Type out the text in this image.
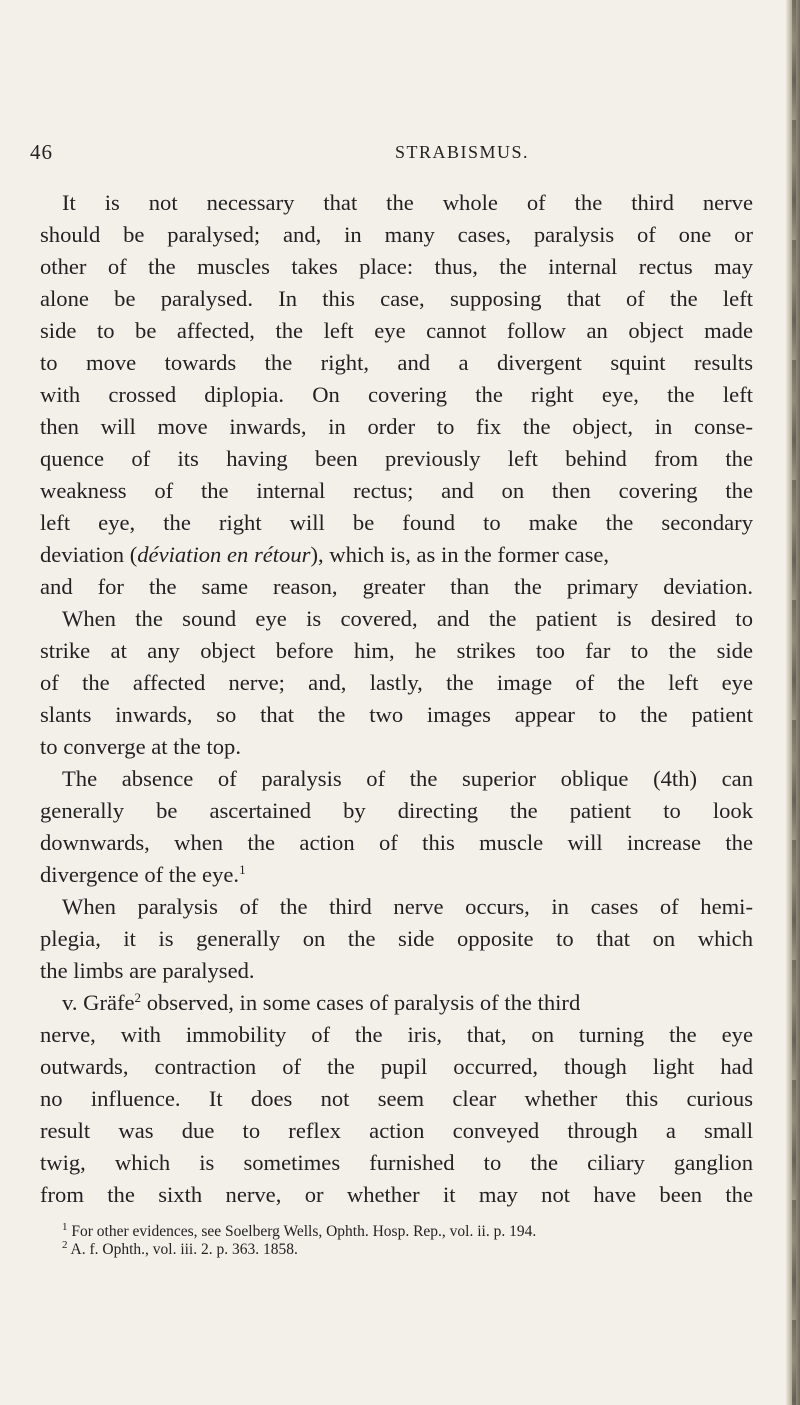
46	STRABISMUS.
It is not necessary that the whole of the third nerve
should be paralysed; and, in many cases, paralysis of one or
other of the muscles takes place: thus, the internal rectus may
alone be paralysed. In this case, supposing that of the left
side to be affected, the left eye cannot follow an object made
to move towards the right, and a divergent squint results
with crossed diplopia. On covering the right eye, the left
then will move inwards, in order to fix the object, in conse-
quence of its having been previously left behind from the
weakness of the internal rectus; and on then covering the
left eye, the right will be found to make the secondary
deviation (déviation en rétour), which is, as in the former case,
and for the same reason, greater than the primary deviation.
When the sound eye is covered, and the patient is desired to
strike at any object before him, he strikes too far to the side
of the affected nerve; and, lastly, the image of the left eye
slants inwards, so that the two images appear to the patient
to converge at the top.
The absence of paralysis of the superior oblique (4th) can
generally be ascertained by directing the patient to look
downwards, when the action of this muscle will increase the
divergence of the eye.$^1$
When paralysis of the third nerve occurs, in cases of hemi-
plegia, it is generally on the side opposite to that on which
the limbs are paralysed.
v. Gräfe$^2$ observed, in some cases of paralysis of the third
nerve, with immobility of the iris, that, on turning the eye
outwards, contraction of the pupil occurred, though light had
no influence. It does not seem clear whether this curious
result was due to reflex action conveyed through a small
twig, which is sometimes furnished to the ciliary ganglion
from the sixth nerve, or whether it may not have been the
$^1$ For other evidences, see Soelberg Wells, Ophth. Hosp. Rep., vol. ii. p. 194.
$^2$ A. f. Ophth., vol. iii. 2. p. 363. 1858.
